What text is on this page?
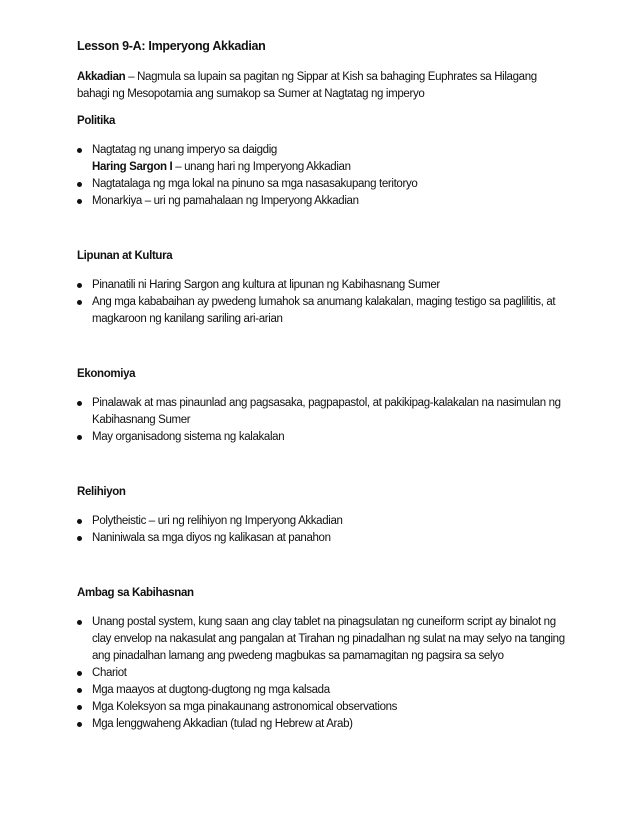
Lesson 9-A: Imperyong Akkadian

Akkadian – Nagmula sa lupain sa pagitan ng Sippar at Kish sa bahaging Euphrates sa Hilagang bahagi ng Mesopotamia ang sumakop sa Sumer at Nagtatag ng imperyo

Politika

Nagtatag ng unang imperyo sa daigdig
Haring Sargon I – unang hari ng Imperyong Akkadian
Nagtatalaga ng mga lokal na pinuno sa mga nasasakupang teritoryo
Monarkiya – uri ng pamahalaan ng Imperyong Akkadian

Lipunan at Kultura

Pinanatili ni Haring Sargon ang kultura at lipunan ng Kabihasnang Sumer
Ang mga kababaihan ay pwedeng lumahok sa anumang kalakalan, maging testigo sa paglilitis, at magkaroon ng kanilang sariling ari-arian

Ekonomiya

Pinalawak at mas pinaunlad ang pagsasaka, pagpapastol, at pakikipag-kalakalan na nasimulan ng Kabihasnang Sumer
May organisadong sistema ng kalakalan

Relihiyon

Polytheistic – uri ng relihiyon ng Imperyong Akkadian
Naniniwala sa mga diyos ng kalikasan at panahon

Ambag sa Kabihasnan

Unang postal system, kung saan ang clay tablet na pinagsulatan ng cuneiform script ay binalot ng clay envelop na nakasulat ang pangalan at Tirahan ng pinadalhan ng sulat na may selyo na tanging ang pinadalhan lamang ang pwedeng magbukas sa pamamagitan ng pagsira sa selyo
Chariot
Mga maayos at dugtong-dugtong ng mga kalsada
Mga Koleksyon sa mga pinakaunang astronomical observations
Mga lenggwaheng Akkadian (tulad ng Hebrew at Arab)
